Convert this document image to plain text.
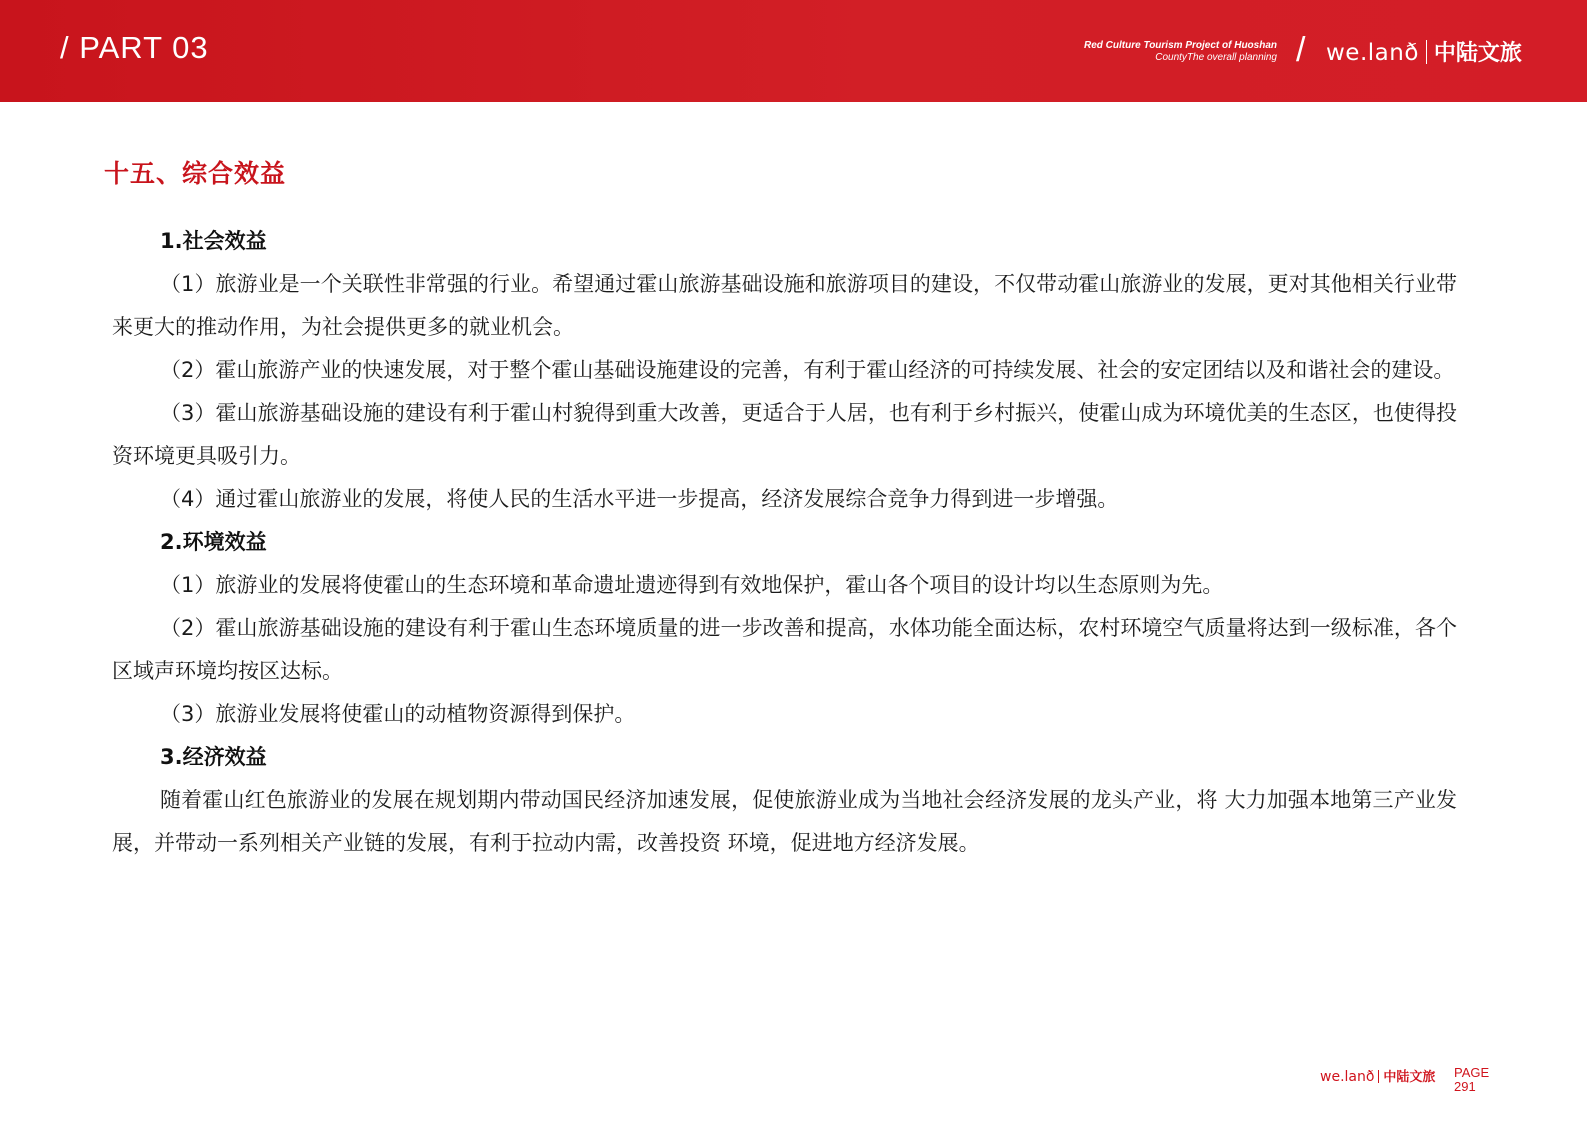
/ PART 03	Red Culture Tourism Project of Huoshan
CountyThe overall planning / we.lanð 中陆文旅
十五、综合效益

1.社会效益

（1）旅游业是一个关联性非常强的行业。希望通过霍山旅游基础设施和旅游项目的建设，不仅带动霍山旅游业的发展，更对其他相关行业带来更大的推动作用，为社会提供更多的就业机会。

（2）霍山旅游产业的快速发展，对于整个霍山基础设施建设的完善，有利于霍山经济的可持续发展、社会的安定团结以及和谐社会的建设。

（3）霍山旅游基础设施的建设有利于霍山村貌得到重大改善，更适合于人居，也有利于乡村振兴，使霍山成为环境优美的生态区，也使得投资环境更具吸引力。

（4）通过霍山旅游业的发展，将使人民的生活水平进一步提高，经济发展综合竞争力得到进一步增强。

2.环境效益

（1）旅游业的发展将使霍山的生态环境和革命遗址遗迹得到有效地保护，霍山各个项目的设计均以生态原则为先。

（2）霍山旅游基础设施的建设有利于霍山生态环境质量的进一步改善和提高，水体功能全面达标，农村环境空气质量将达到一级标准，各个区域声环境均按区达标。

（3）旅游业发展将使霍山的动植物资源得到保护。

3.经济效益

随着霍山红色旅游业的发展在规划期内带动国民经济加速发展，促使旅游业成为当地社会经济发展的龙头产业，将 大力加强本地第三产业发展，并带动一系列相关产业链的发展，有利于拉动内需，改善投资 环境，促进地方经济发展。

we.lanð 中陆文旅 PAGE
291
